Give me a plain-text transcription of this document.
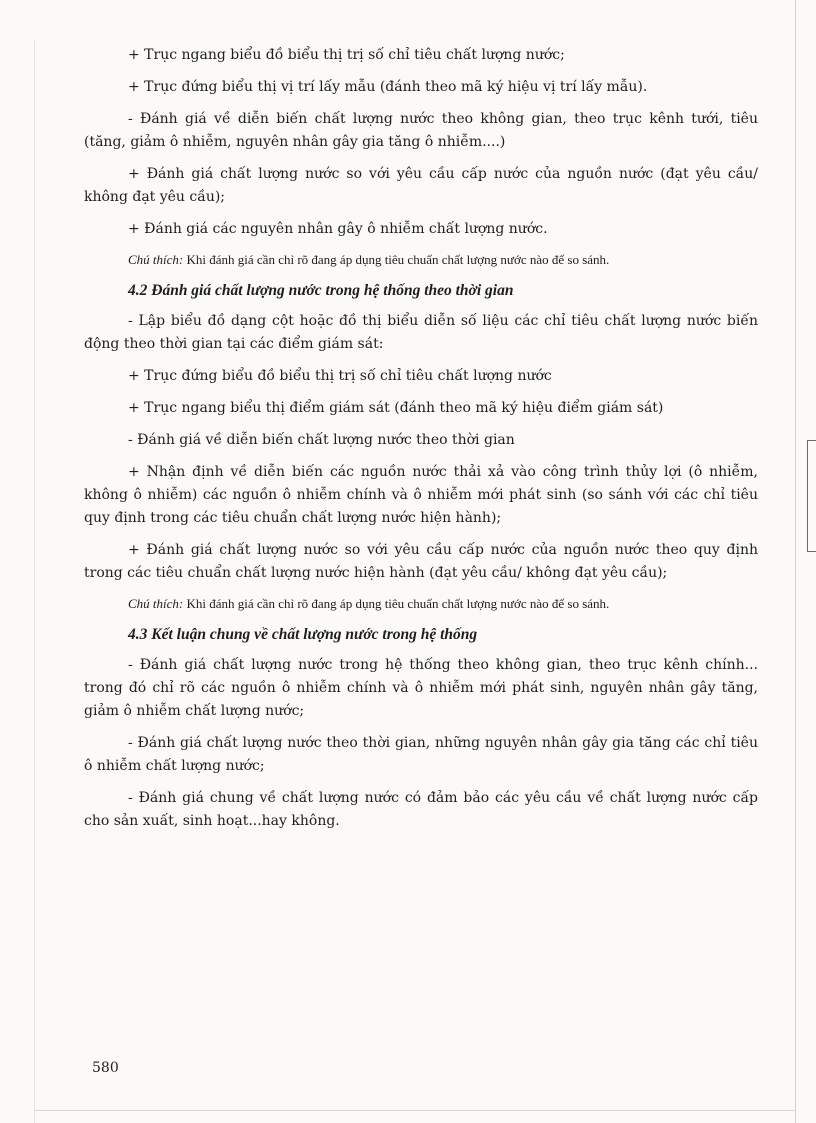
+ Trục ngang biểu đồ biểu thị trị số chỉ tiêu chất lượng nước;

+ Trục đứng biểu thị vị trí lấy mẫu (đánh theo mã ký hiệu vị trí lấy mẫu).

- Đánh giá về diễn biến chất lượng nước theo không gian, theo trục kênh tưới, tiêu (tăng, giảm ô nhiễm, nguyên nhân gây gia tăng ô nhiễm....)

+ Đánh giá chất lượng nước so với yêu cầu cấp nước của nguồn nước (đạt yêu cầu/ không đạt yêu cầu);

+ Đánh giá các nguyên nhân gây ô nhiễm chất lượng nước.

Chú thích: Khi đánh giá cần chỉ rõ đang áp dụng tiêu chuẩn chất lượng nước nào để so sánh.

4.2 Đánh giá chất lượng nước trong hệ thống theo thời gian

- Lập biểu đồ dạng cột hoặc đồ thị biểu diễn số liệu các chỉ tiêu chất lượng nước biến động theo thời gian tại các điểm giám sát:

+ Trục đứng biểu đồ biểu thị trị số chỉ tiêu chất lượng nước

+ Trục ngang biểu thị điểm giám sát (đánh theo mã ký hiệu điểm giám sát)

- Đánh giá về diễn biến chất lượng nước theo thời gian

+ Nhận định về diễn biến các nguồn nước thải xả vào công trình thủy lợi (ô nhiễm, không ô nhiễm) các nguồn ô nhiễm chính và ô nhiễm mới phát sinh (so sánh với các chỉ tiêu quy định trong các tiêu chuẩn chất lượng nước hiện hành);

+ Đánh giá chất lượng nước so với yêu cầu cấp nước của nguồn nước theo quy định trong các tiêu chuẩn chất lượng nước hiện hành (đạt yêu cầu/ không đạt yêu cầu);

Chú thích: Khi đánh giá cần chỉ rõ đang áp dụng tiêu chuẩn chất lượng nước nào để so sánh.

4.3 Kết luận chung về chất lượng nước trong hệ thống

- Đánh giá chất lượng nước trong hệ thống theo không gian, theo trục kênh chính... trong đó chỉ rõ các nguồn ô nhiễm chính và ô nhiễm mới phát sinh, nguyên nhân gây tăng, giảm ô nhiễm chất lượng nước;

- Đánh giá chất lượng nước theo thời gian, những nguyên nhân gây gia tăng các chỉ tiêu ô nhiễm chất lượng nước;

- Đánh giá chung về chất lượng nước có đảm bảo các yêu cầu về chất lượng nước cấp cho sản xuất, sinh hoạt...hay không.

580
